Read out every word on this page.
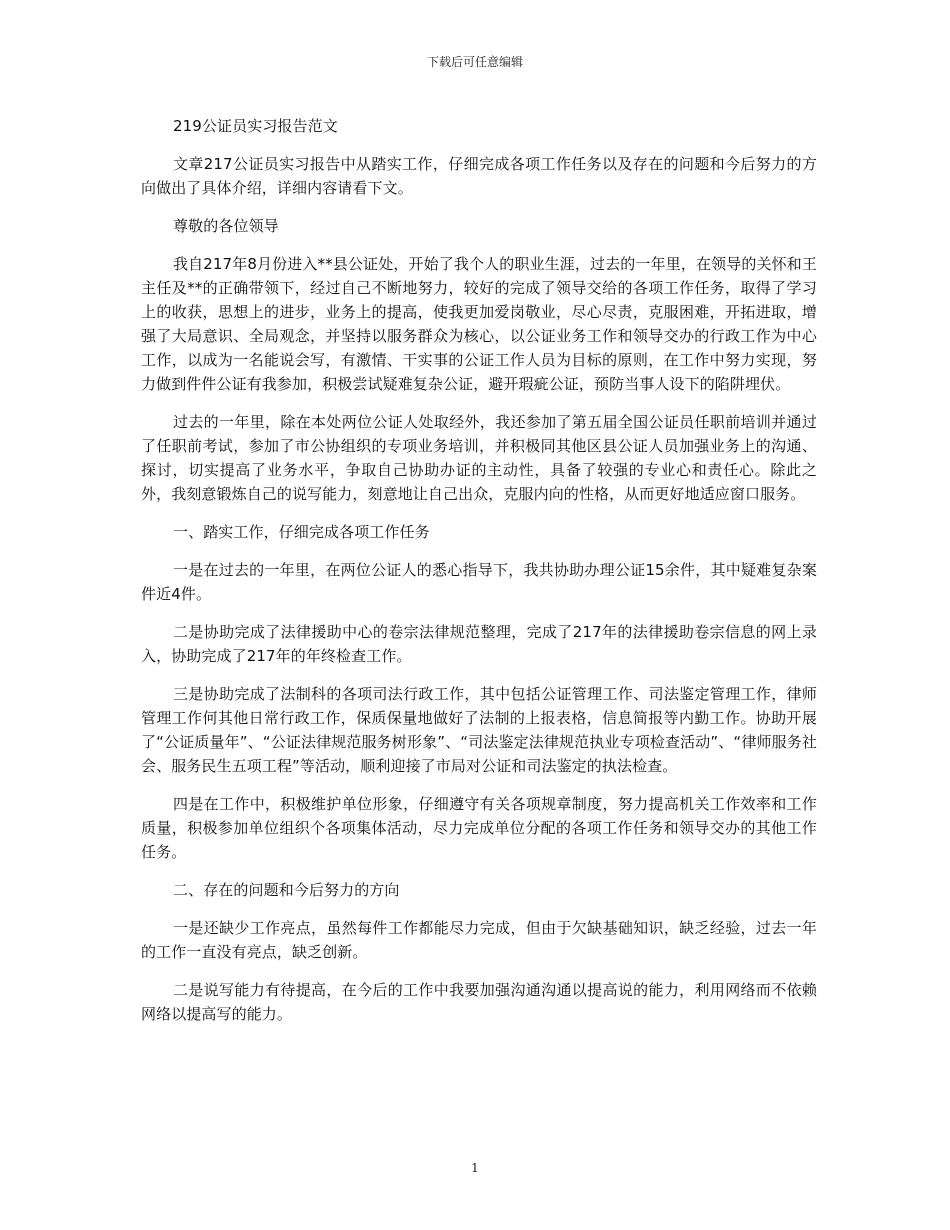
下载后可任意编辑

219公证员实习报告范文

文章217公证员实习报告中从踏实工作，仔细完成各项工作任务以及存在的问题和今后努力的方向做出了具体介绍，详细内容请看下文。

尊敬的各位领导

我自217年8月份进入**县公证处，开始了我个人的职业生涯，过去的一年里，在领导的关怀和王主任及**的正确带领下，经过自己不断地努力，较好的完成了领导交给的各项工作任务，取得了学习上的收获，思想上的进步，业务上的提高，使我更加爱岗敬业，尽心尽责，克服困难，开拓进取，增强了大局意识、全局观念，并坚持以服务群众为核心，以公证业务工作和领导交办的行政工作为中心工作，以成为一名能说会写，有激情、干实事的公证工作人员为目标的原则，在工作中努力实现，努力做到件件公证有我参加，积极尝试疑难复杂公证，避开瑕疵公证，预防当事人设下的陷阱埋伏。

过去的一年里，除在本处两位公证人处取经外，我还参加了第五届全国公证员任职前培训并通过了任职前考试，参加了市公协组织的专项业务培训，并积极同其他区县公证人员加强业务上的沟通、探讨，切实提高了业务水平，争取自己协助办证的主动性，具备了较强的专业心和责任心。除此之外，我刻意锻炼自己的说写能力，刻意地让自己出众，克服内向的性格，从而更好地适应窗口服务。

一、踏实工作，仔细完成各项工作任务

一是在过去的一年里，在两位公证人的悉心指导下，我共协助办理公证15余件，其中疑难复杂案件近4件。

二是协助完成了法律援助中心的卷宗法律规范整理，完成了217年的法律援助卷宗信息的网上录入，协助完成了217年的年终检查工作。

三是协助完成了法制科的各项司法行政工作，其中包括公证管理工作、司法鉴定管理工作，律师管理工作何其他日常行政工作，保质保量地做好了法制的上报表格，信息简报等内勤工作。协助开展了“公证质量年”、“公证法律规范服务树形象”、“司法鉴定法律规范执业专项检查活动”、“律师服务社会、服务民生五项工程”等活动，顺利迎接了市局对公证和司法鉴定的执法检查。

四是在工作中，积极维护单位形象，仔细遵守有关各项规章制度，努力提高机关工作效率和工作质量，积极参加单位组织个各项集体活动，尽力完成单位分配的各项工作任务和领导交办的其他工作任务。

二、存在的问题和今后努力的方向

一是还缺少工作亮点，虽然每件工作都能尽力完成，但由于欠缺基础知识，缺乏经验，过去一年的工作一直没有亮点，缺乏创新。

二是说写能力有待提高，在今后的工作中我要加强沟通沟通以提高说的能力，利用网络而不依赖网络以提高写的能力。

1
